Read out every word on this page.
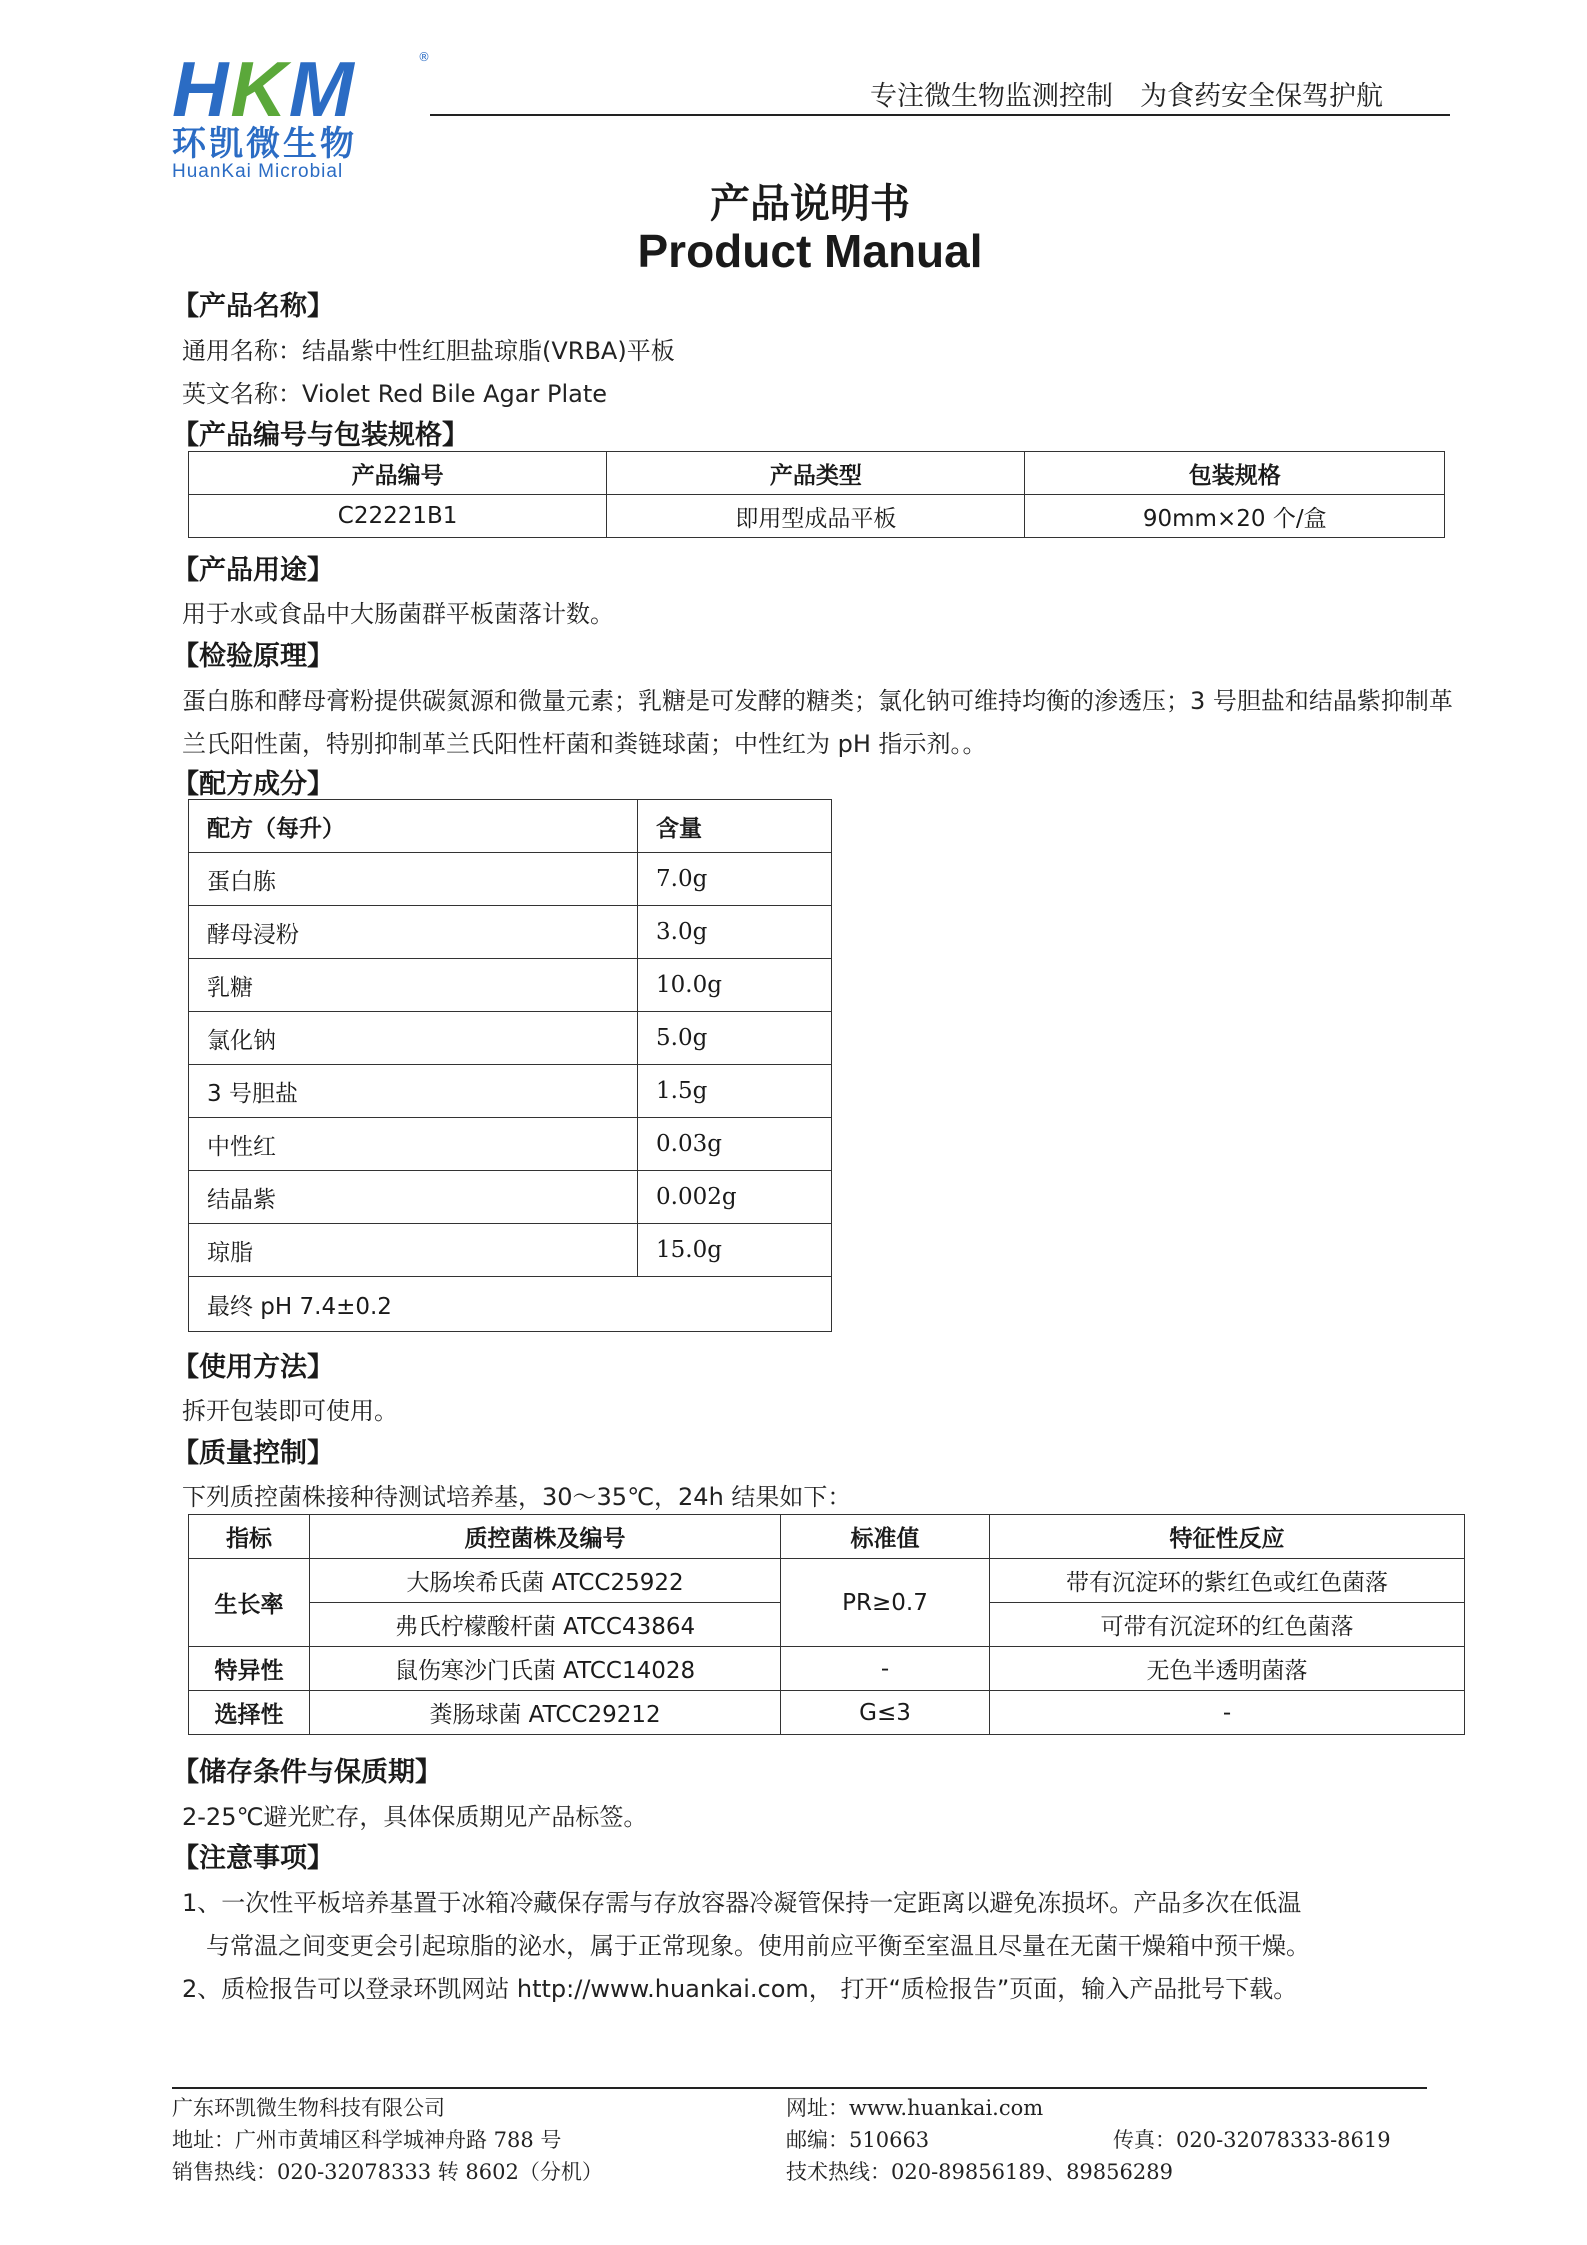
HKM	®
环凯微生物
HuanKai Microbial
专注微生物监测控制　为食药安全保驾护航
产品说明书
Product Manual
【产品名称】
通用名称：结晶紫中性红胆盐琼脂(VRBA)平板
英文名称：Violet Red Bile Agar Plate
【产品编号与包装规格】
产品编号	产品类型	包装规格
C22221B1	即用型成品平板	90mm×20 个/盒
【产品用途】
用于水或食品中大肠菌群平板菌落计数。
【检验原理】
蛋白胨和酵母膏粉提供碳氮源和微量元素；乳糖是可发酵的糖类；氯化钠可维持均衡的渗透压；3 号胆盐和结晶紫抑制革
兰氏阳性菌，特别抑制革兰氏阳性杆菌和粪链球菌；中性红为 pH 指示剂。。
【配方成分】
配方（每升）	含量
蛋白胨	7.0g
酵母浸粉	3.0g
乳糖	10.0g
氯化钠	5.0g
3 号胆盐	1.5g
中性红	0.03g
结晶紫	0.002g
琼脂	15.0g
最终 pH 7.4±0.2	
【使用方法】
拆开包装即可使用。
【质量控制】
下列质控菌株接种待测试培养基，30～35℃，24h 结果如下：
指标	质控菌株及编号	标准值	特征性反应
生长率	大肠埃希氏菌 ATCC25922	PR≥0.7	带有沉淀环的紫红色或红色菌落
	弗氏柠檬酸杆菌 ATCC43864		可带有沉淀环的红色菌落
特异性	鼠伤寒沙门氏菌 ATCC14028	-	无色半透明菌落
选择性	粪肠球菌 ATCC29212	G≤3	-
【储存条件与保质期】
2-25℃避光贮存，具体保质期见产品标签。
【注意事项】
1、一次性平板培养基置于冰箱冷藏保存需与存放容器冷凝管保持一定距离以避免冻损坏。产品多次在低温
与常温之间变更会引起琼脂的泌水，属于正常现象。使用前应平衡至室温且尽量在无菌干燥箱中预干燥。
2、质检报告可以登录环凯网站 http://www.huankai.com， 打开“质检报告”页面，输入产品批号下载。
广东环凯微生物科技有限公司
地址：广州市黄埔区科学城神舟路 788 号
销售热线：020-32078333 转 8602（分机）
网址：www.huankai.com
邮编：510663
技术热线：020-89856189、89856289
传真：020-32078333-8619
